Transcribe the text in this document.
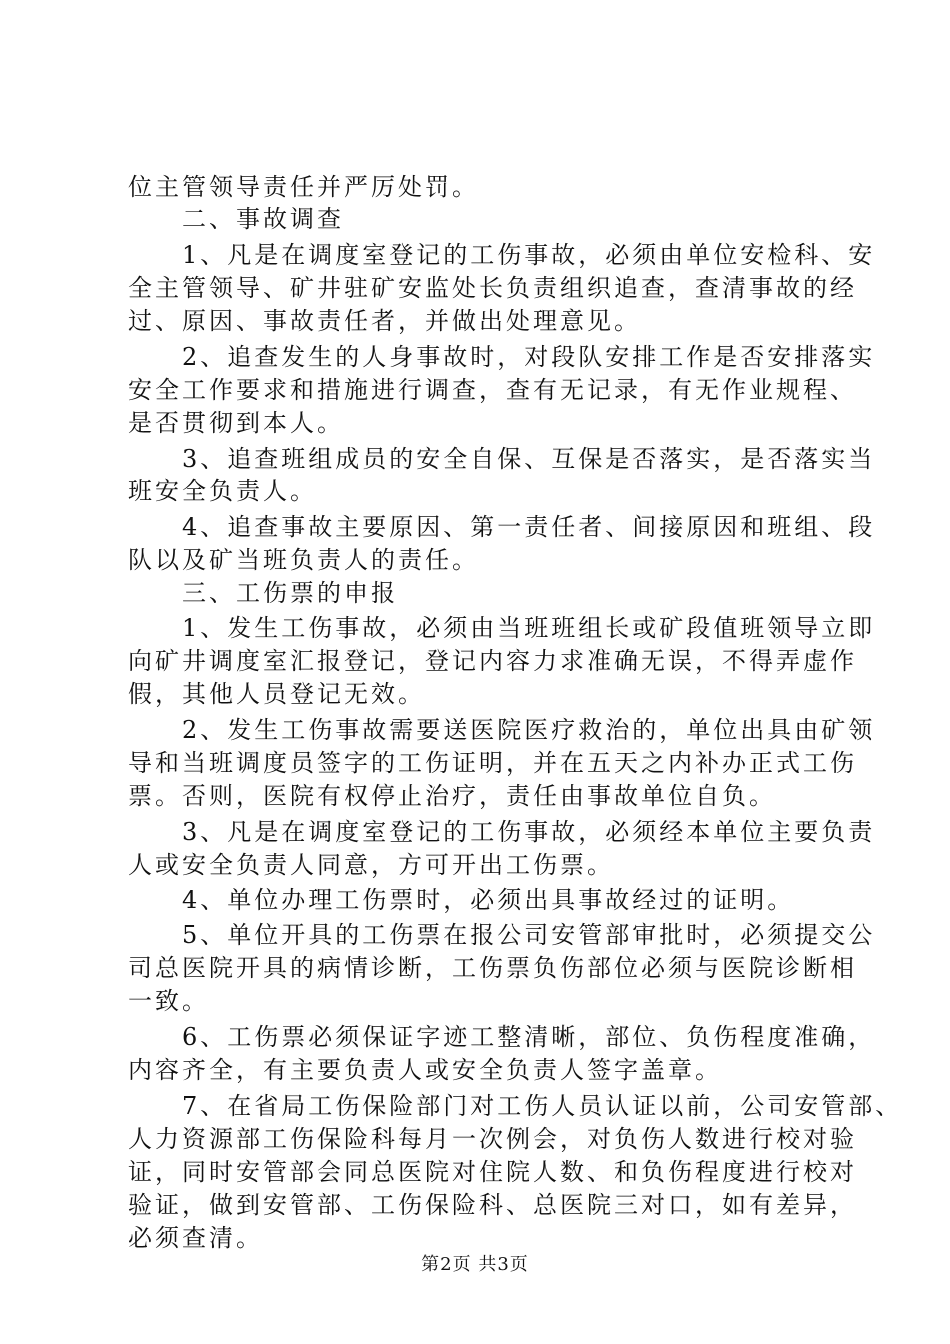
位主管领导责任并严厉处罚。
　　二、事故调查
　　1、凡是在调度室登记的工伤事故，必须由单位安检科、安
全主管领导、矿井驻矿安监处长负责组织追查，查清事故的经
过、原因、事故责任者，并做出处理意见。
　　2、追查发生的人身事故时，对段队安排工作是否安排落实
安全工作要求和措施进行调查，查有无记录，有无作业规程、
是否贯彻到本人。
　　3、追查班组成员的安全自保、互保是否落实，是否落实当
班安全负责人。
　　4、追查事故主要原因、第一责任者、间接原因和班组、段
队以及矿当班负责人的责任。
　　三、工伤票的申报
　　1、发生工伤事故，必须由当班班组长或矿段值班领导立即
向矿井调度室汇报登记，登记内容力求准确无误，不得弄虚作
假，其他人员登记无效。
　　2、发生工伤事故需要送医院医疗救治的，单位出具由矿领
导和当班调度员签字的工伤证明，并在五天之内补办正式工伤
票。否则，医院有权停止治疗，责任由事故单位自负。
　　3、凡是在调度室登记的工伤事故，必须经本单位主要负责
人或安全负责人同意，方可开出工伤票。
　　4、单位办理工伤票时，必须出具事故经过的证明。
　　5、单位开具的工伤票在报公司安管部审批时，必须提交公
司总医院开具的病情诊断，工伤票负伤部位必须与医院诊断相
一致。
　　6、工伤票必须保证字迹工整清晰，部位、负伤程度准确，
内容齐全，有主要负责人或安全负责人签字盖章。
　　7、在省局工伤保险部门对工伤人员认证以前，公司安管部、
人力资源部工伤保险科每月一次例会，对负伤人数进行校对验
证，同时安管部会同总医院对住院人数、和负伤程度进行校对
验证，做到安管部、工伤保险科、总医院三对口，如有差异，
必须查清。
第2页 共3页
